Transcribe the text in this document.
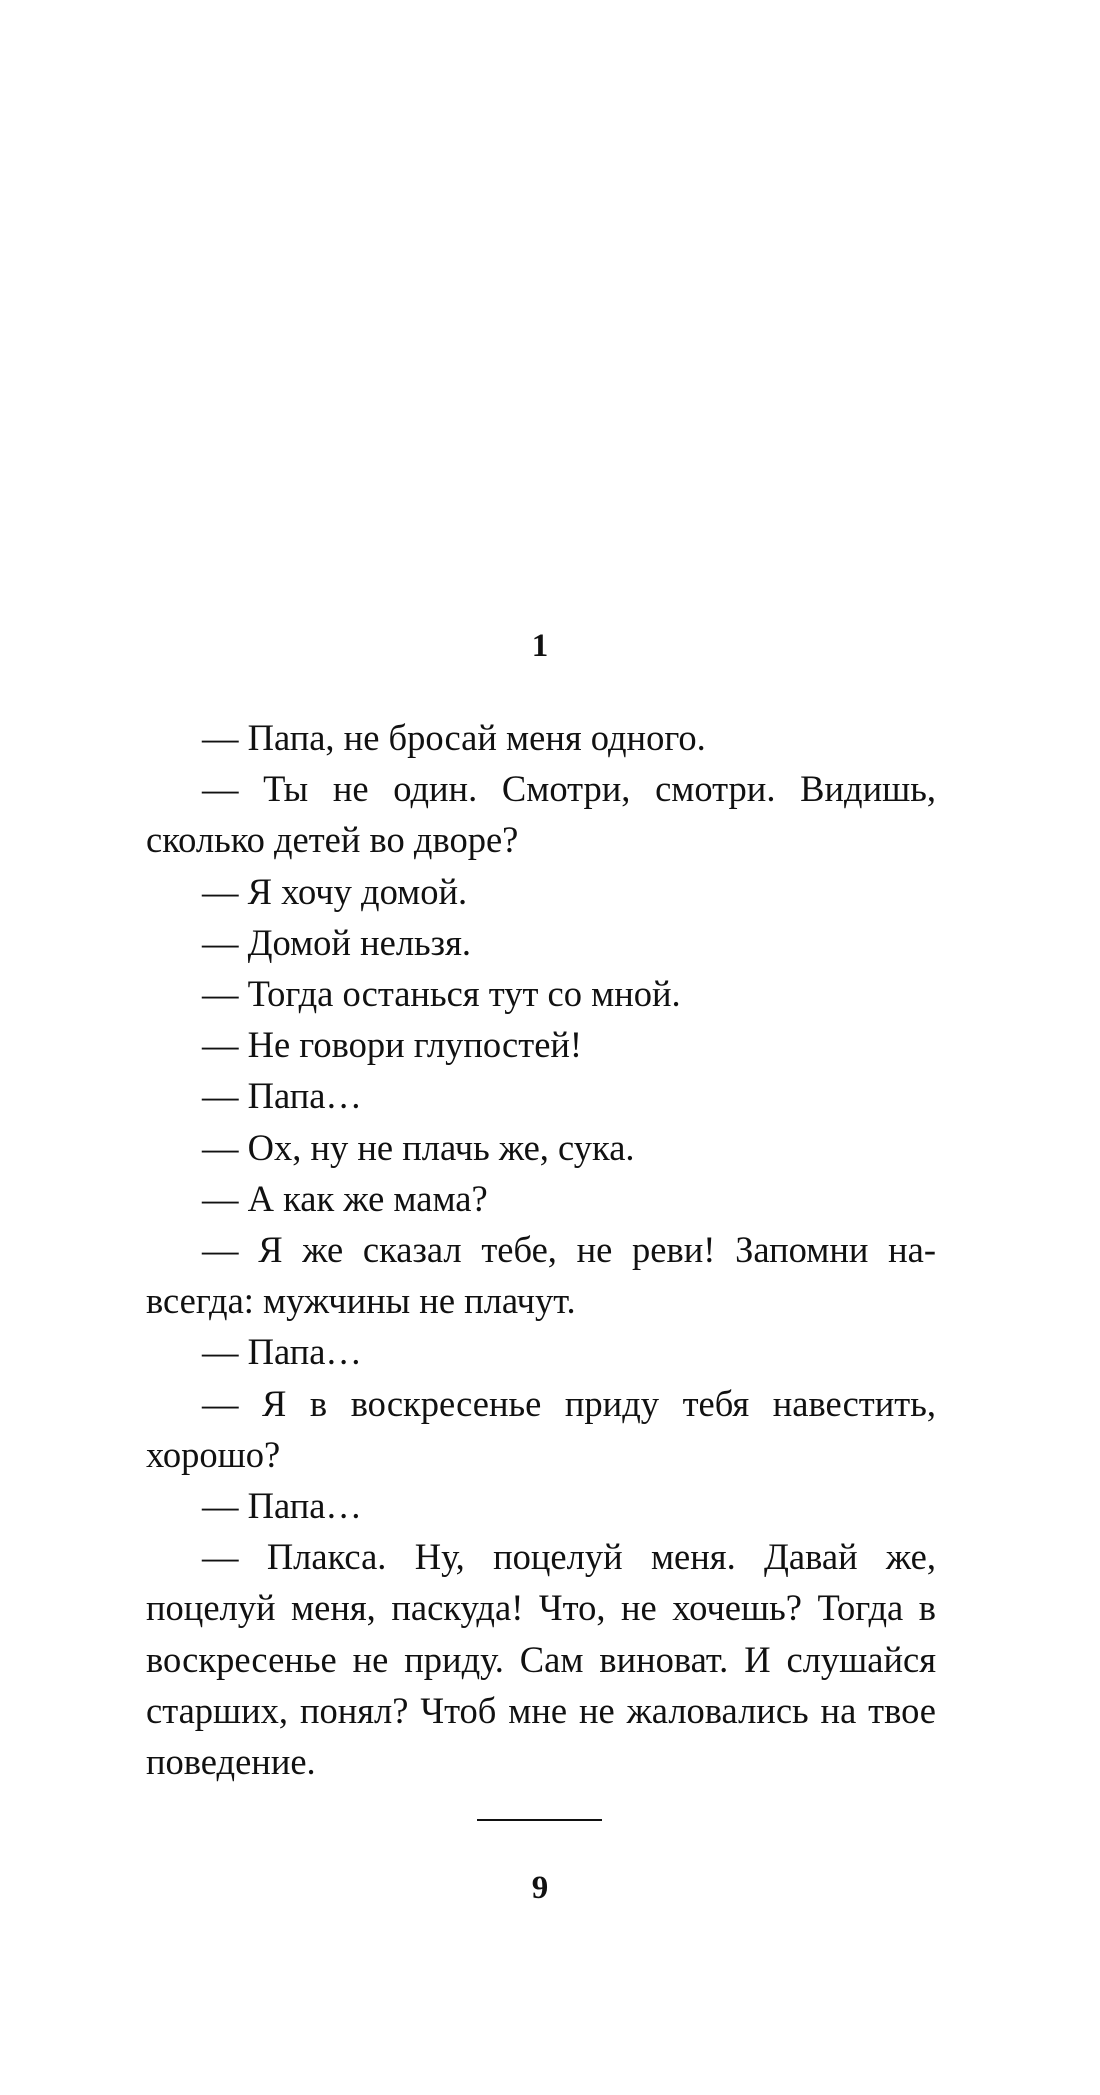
1

— Папа, не бросай меня одного.

— Ты не один. Смотри, смотри. Видишь, сколько детей во дворе?

— Я хочу домой.

— Домой нельзя.

— Тогда останься тут со мной.

— Не говори глупостей!

— Папа…

— Ох, ну не плачь же, сука.

— А как же мама?

— Я же сказал тебе, не реви! Запомни навсегда: мужчины не плачут.

— Папа…

— Я в воскресенье приду тебя навестить, хорошо?

— Папа…

— Плакса. Ну, поцелуй меня. Давай же, поцелуй меня, паскуда! Что, не хочешь? Тогда в воскресенье не приду. Сам виноват. И слушайся старших, понял? Чтоб мне не жаловались на твое поведение.

9
